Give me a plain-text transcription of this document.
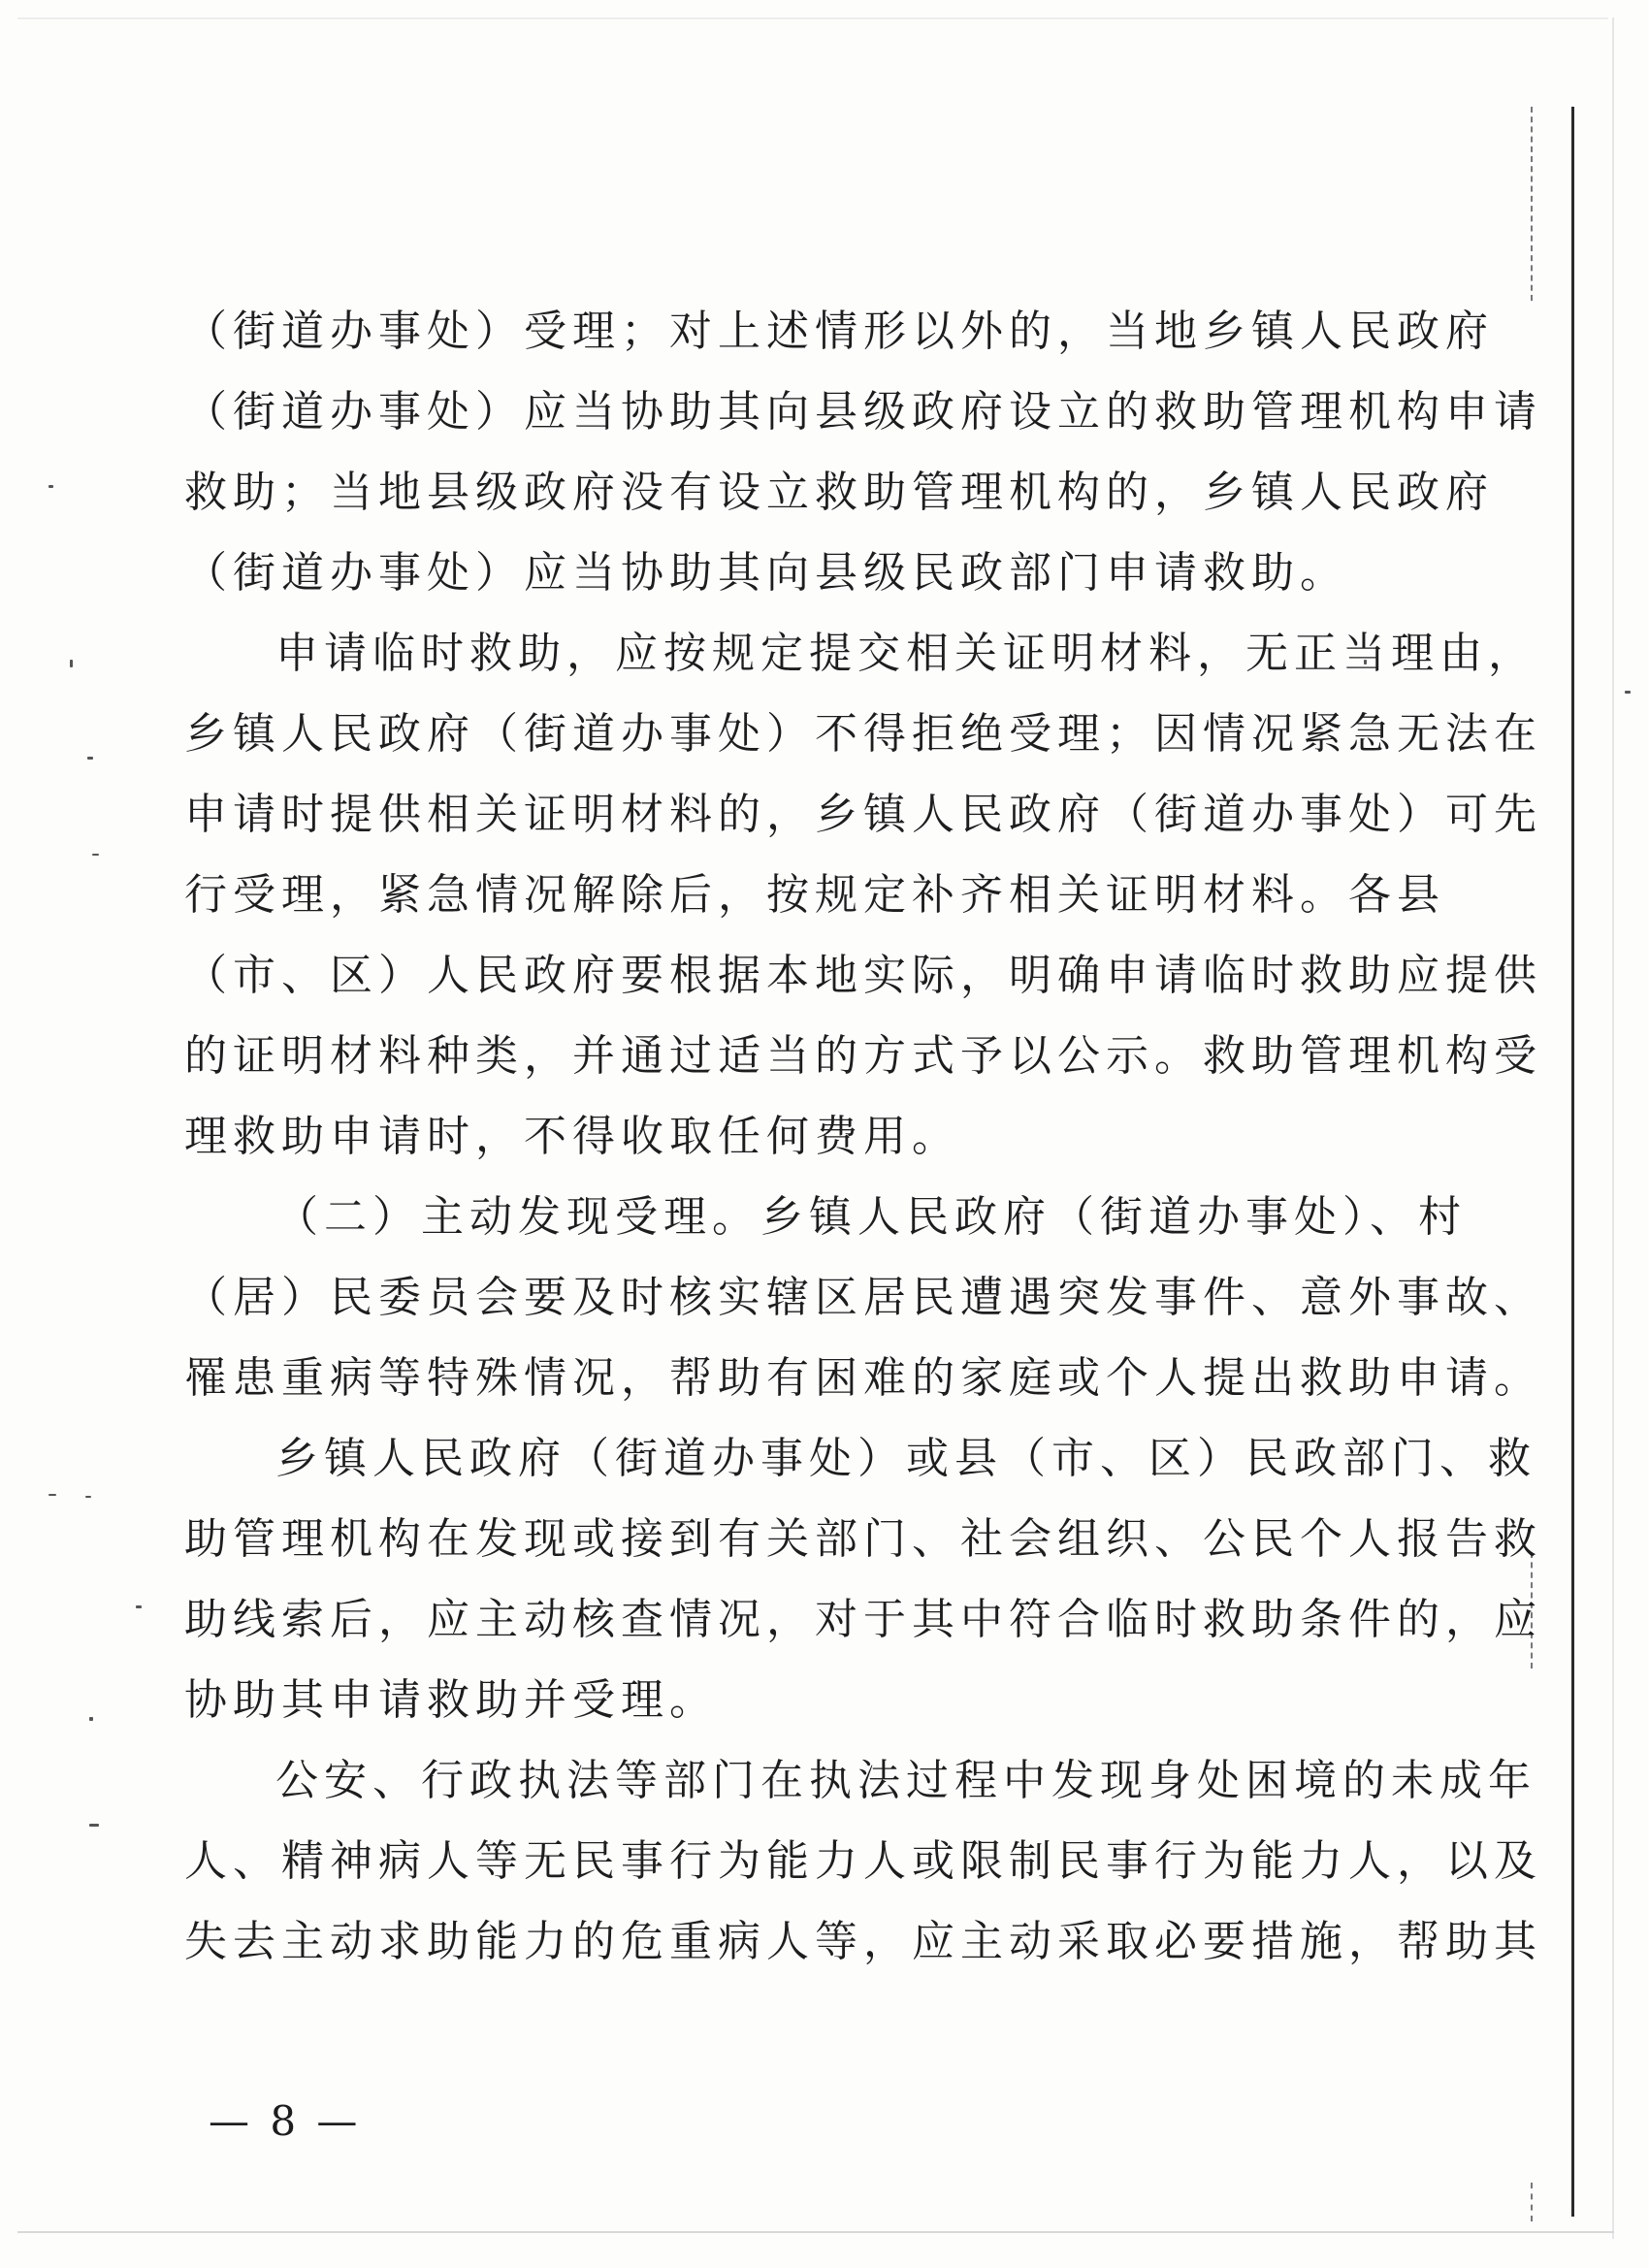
（街道办事处）受理；对上述情形以外的，当地乡镇人民政府
（街道办事处）应当协助其向县级政府设立的救助管理机构申请
救助；当地县级政府没有设立救助管理机构的，乡镇人民政府
（街道办事处）应当协助其向县级民政部门申请救助。
申请临时救助，应按规定提交相关证明材料，无正当理由，
乡镇人民政府（街道办事处）不得拒绝受理；因情况紧急无法在
申请时提供相关证明材料的，乡镇人民政府（街道办事处）可先
行受理，紧急情况解除后，按规定补齐相关证明材料。各县
（市、区）人民政府要根据本地实际，明确申请临时救助应提供
的证明材料种类，并通过适当的方式予以公示。救助管理机构受
理救助申请时，不得收取任何费用。
（二）主动发现受理。乡镇人民政府（街道办事处）、村
（居）民委员会要及时核实辖区居民遭遇突发事件、意外事故、
罹患重病等特殊情况，帮助有困难的家庭或个人提出救助申请。
乡镇人民政府（街道办事处）或县（市、区）民政部门、救
助管理机构在发现或接到有关部门、社会组织、公民个人报告救
助线索后，应主动核查情况，对于其中符合临时救助条件的，应
协助其申请救助并受理。
公安、行政执法等部门在执法过程中发现身处困境的未成年
人、精神病人等无民事行为能力人或限制民事行为能力人，以及
失去主动求助能力的危重病人等，应主动采取必要措施，帮助其
— 8 —
